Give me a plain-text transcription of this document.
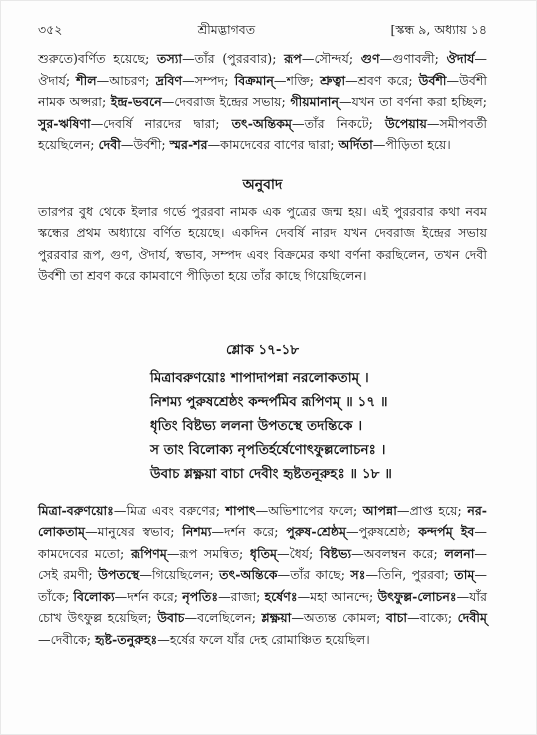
৩৫২	শ্রীমদ্ভাগবত	[স্কন্ধ ৯, অধ্যায় ১৪

শুরুতে)বর্ণিত হয়েছে; তস্যা—তাঁর (পুররবার); রূপ—সৌন্দর্য; গুণ—গুণাবলী; ঔদার্য—ঔদার্য; শীল—আচরণ; দ্রবিণ—সম্পদ; বিক্রমান্—শক্তি; শ্রুত্বা—শ্রবণ করে; উর্বশী—উর্বশী নামক অপ্সরা; ইন্দ্র-ভবনে—দেবরাজ ইন্দ্রের সভায়; গীয়মানান্—যখন তা বর্ণনা করা হচ্ছিল; সুর-ঋষিণা—দেবর্ষি নারদের দ্বারা; তৎ-অন্তিকম্—তাঁর নিকটে; উপেয়ায়—সমীপবর্তী হয়েছিলেন; দেবী—উর্বশী; স্মর-শর—কামদেবের বাণের দ্বারা; অর্দিতা—পীড়িতা হয়ে।

অনুবাদ

তারপর বুধ থেকে ইলার গর্ভে পুররবা নামক এক পুত্রের জন্ম হয়। এই পুররবার কথা নবম স্কন্ধের প্রথম অধ্যায়ে বর্ণিত হয়েছে। একদিন দেবর্ষি নারদ যখন দেবরাজ ইন্দ্রের সভায় পুররবার রূপ, গুণ, ঔদার্য, স্বভাব, সম্পদ এবং বিক্রমের কথা বর্ণনা করছিলেন, তখন দেবী উর্বশী তা শ্রবণ করে কামবাণে পীড়িতা হয়ে তাঁর কাছে গিয়েছিলেন।

শ্লোক ১৭-১৮
মিত্রাবরুণয়োঃ শাপাদাপন্না নরলোকতাম্ ।
নিশম্য পুরুষশ্রেষ্ঠং কন্দর্পমিব রূপিণম্ ॥ ১৭ ॥
ধৃতিং বিষ্টভ্য ললনা উপতস্থে তদন্তিকে ।
স তাং বিলোক্য নৃপতির্হর্ষেণোৎফুল্ললোচনঃ ।
উবাচ শ্লক্ষ্ণয়া বাচা দেবীং হৃষ্টতনূরুহঃ ॥ ১৮ ॥

মিত্রা-বরুণয়োঃ—মিত্র এবং বরুণের; শাপাৎ—অভিশাপের ফলে; আপন্না—প্রাপ্ত হয়ে; নর-লোকতাম্—মানুষের স্বভাব; নিশম্য—দর্শন করে; পুরুষ-শ্রেষ্ঠম্—পুরুষশ্রেষ্ঠ; কন্দর্পম্ ইব—কামদেবের মতো; রূপিণম্—রূপ সমন্বিত; ধৃতিম্—ধৈর্য; বিষ্টভ্য—অবলম্বন করে; ললনা—সেই রমণী; উপতস্থে—গিয়েছিলেন; তৎ-অন্তিকে—তাঁর কাছে; সঃ—তিনি, পুররবা; তাম্—তাঁকে; বিলোক্য—দর্শন করে; নৃপতিঃ—রাজা; হর্ষেণঃ—মহা আনন্দে; উৎফুল্ল-লোচনঃ—যাঁর চোখ উৎফুল্ল হয়েছিল; উবাচ—বলেছিলেন; শ্লক্ষ্ণয়া—অত্যন্ত কোমল; বাচা—বাক্যে; দেবীম্—দেবীকে; হৃষ্ট-তনুরুহঃ—হর্ষের ফলে যাঁর দেহ রোমাঞ্চিত হয়েছিল।
